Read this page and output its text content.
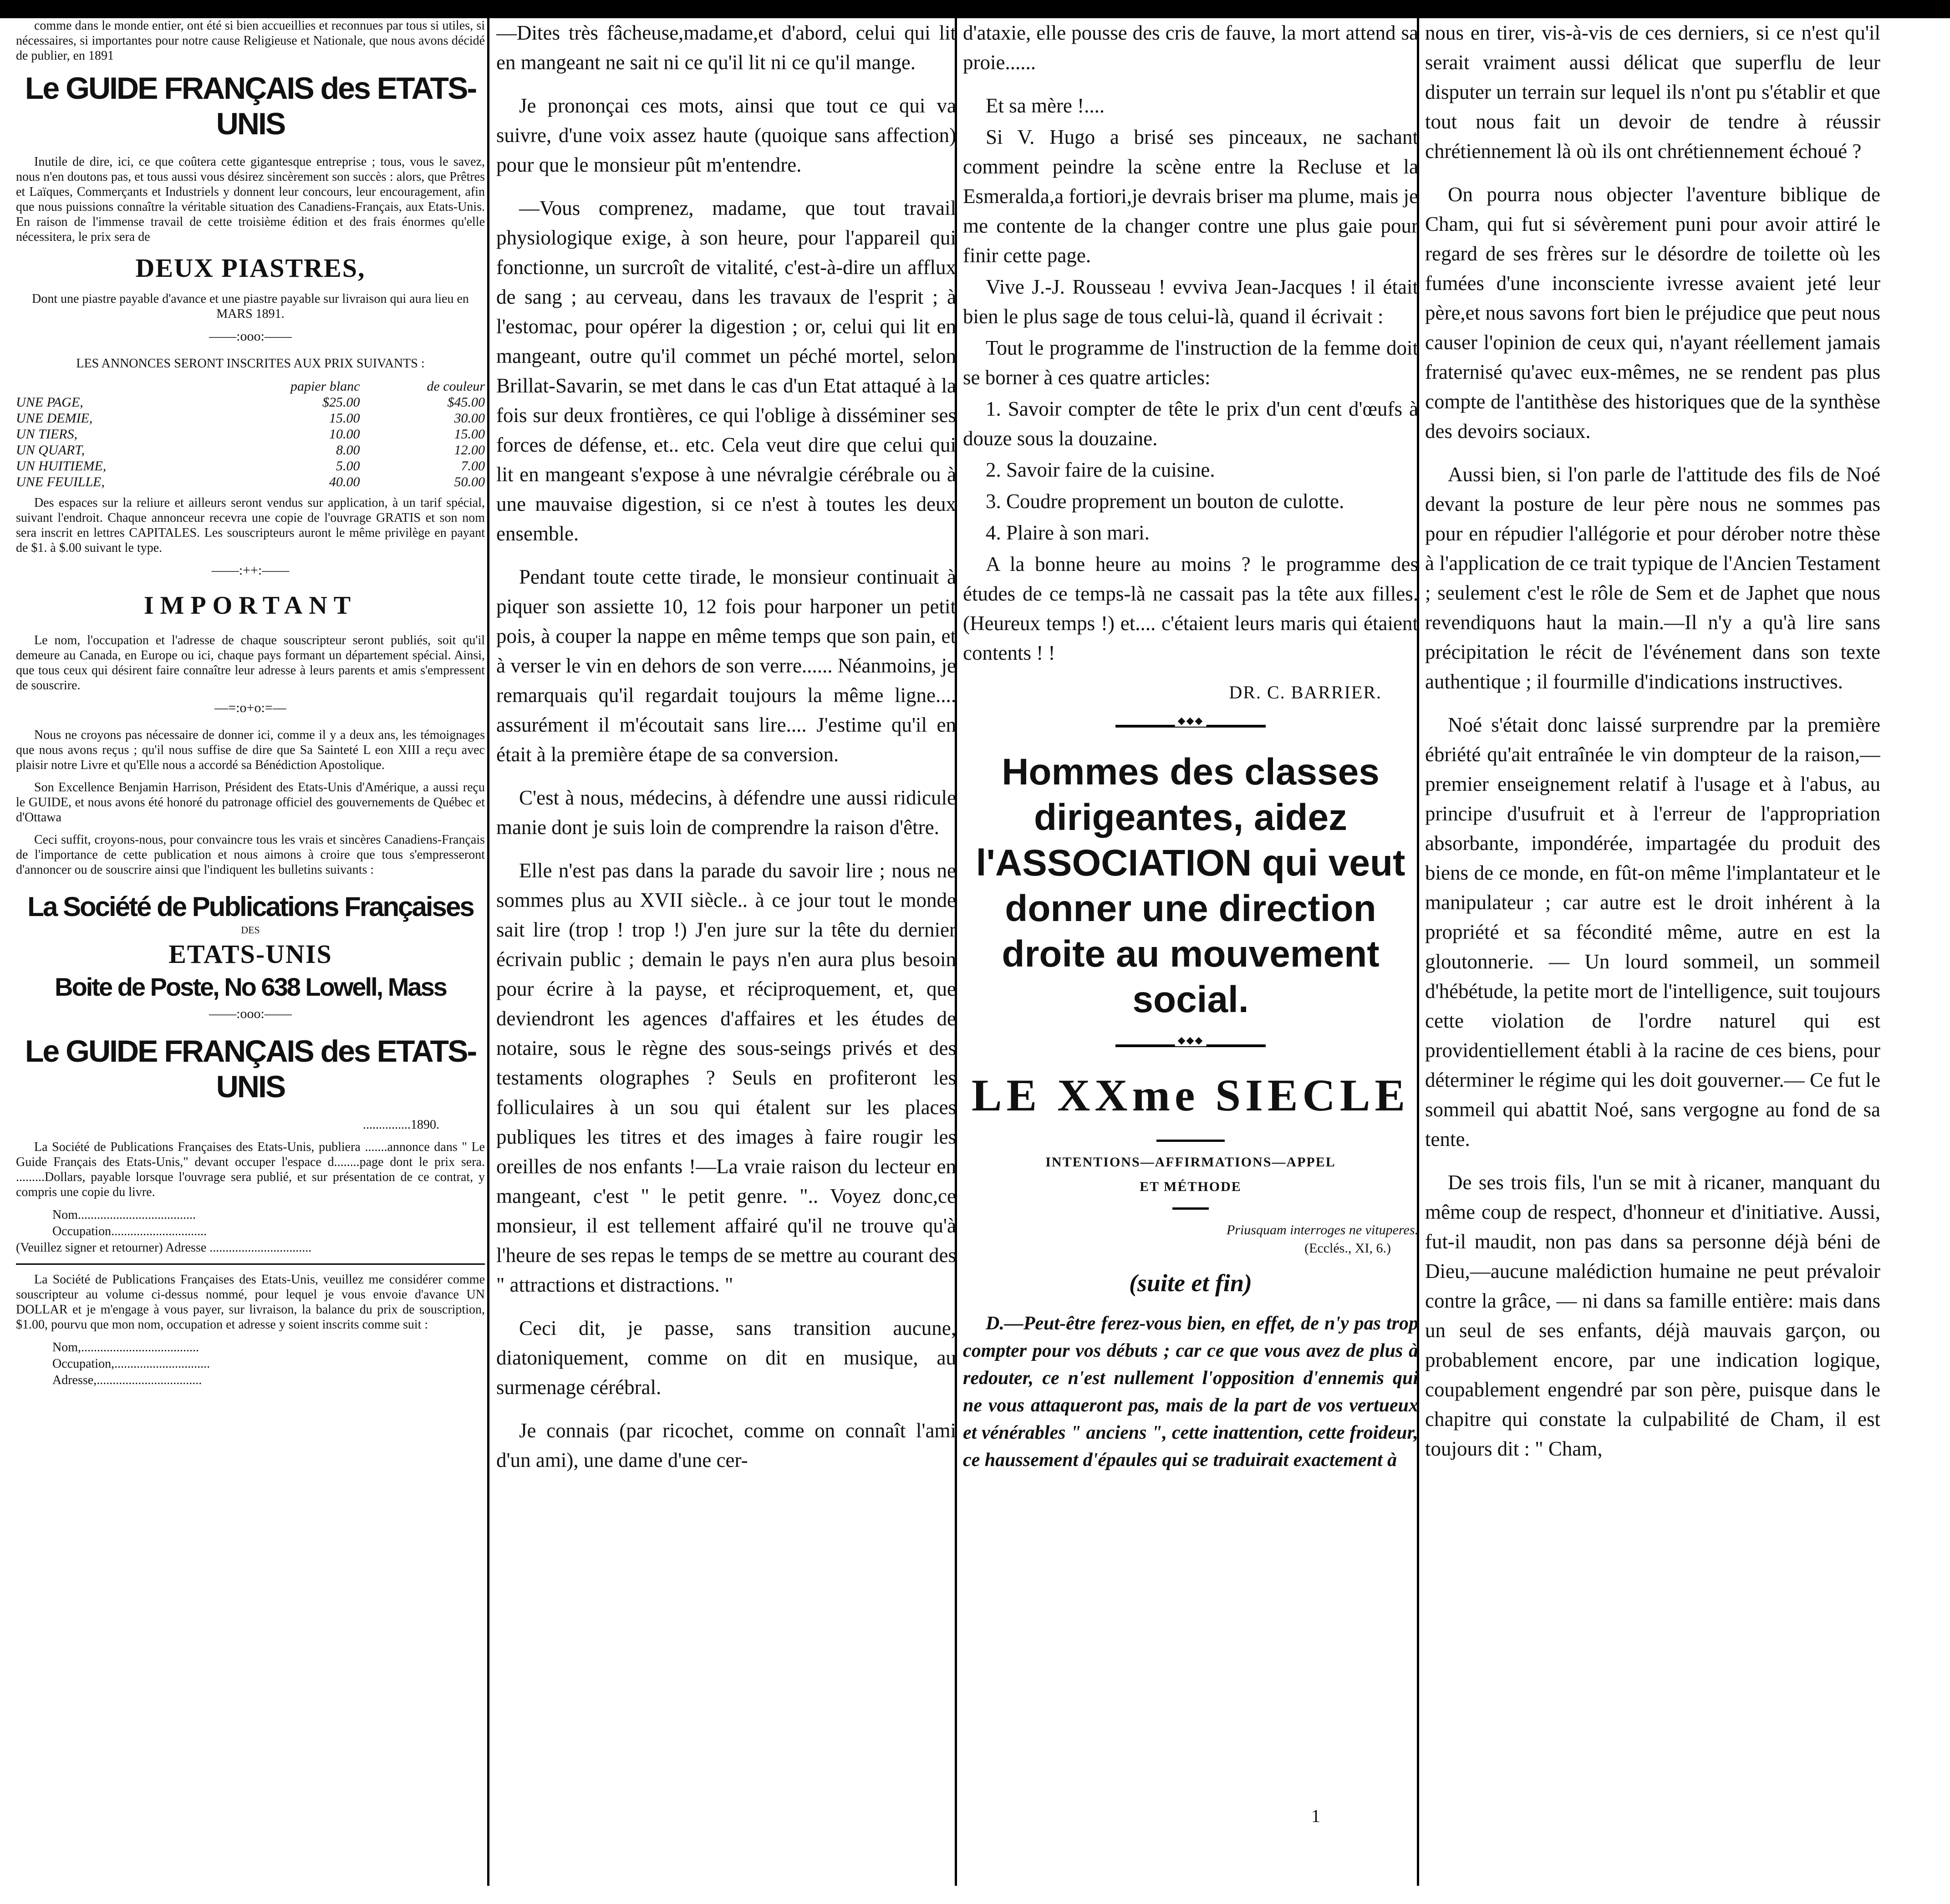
comme dans le monde entier, ont été si bien accueillies et reconnues par tous si utiles, si nécessaires, si importantes pour notre cause Religieuse et Nationale, que nous avons décidé de publier, en 1891

Le GUIDE FRANÇAIS des ETATS-UNIS

Inutile de dire, ici, ce que coûtera cette gigantesque entreprise ; tous, vous le savez, nous n'en doutons pas, et tous aussi vous désirez sincèrement son succès : alors, que Prêtres et Laïques, Commerçants et Industriels y donnent leur concours, leur encouragement, afin que nous puissions connaître la véritable situation des Canadiens-Français, aux Etats-Unis. En raison de l'immense travail de cette troisième édition et des frais énormes qu'elle nécessitera, le prix sera de

DEUX PIASTRES,

Dont une piastre payable d'avance et une piastre payable sur livraison qui aura lieu en MARS 1891.

——:ooo:——

LES ANNONCES SERONT INSCRITES AUX PRIX SUIVANTS :

	papier blanc	de couleur
UNE PAGE,	$25.00	$45.00
UNE DEMIE,	15.00	30.00
UN TIERS,	10.00	15.00
UN QUART,	8.00	12.00
UN HUITIEME,	5.00	7.00
UNE FEUILLE,	40.00	50.00

Des espaces sur la reliure et ailleurs seront vendus sur application, à un tarif spécial, suivant l'endroit. Chaque annonceur recevra une copie de l'ouvrage GRATIS et son nom sera inscrit en lettres CAPITALES. Les souscripteurs auront le même privilège en payant de $1. à $.00 suivant le type.

——:++:——
IMPORTANT

Le nom, l'occupation et l'adresse de chaque souscripteur seront publiés, soit qu'il demeure au Canada, en Europe ou ici, chaque pays formant un département spécial. Ainsi, que tous ceux qui désirent faire connaître leur adresse à leurs parents et amis s'empressent de souscrire.

—=:o+o:=—

Nous ne croyons pas nécessaire de donner ici, comme il y a deux ans, les témoignages que nous avons reçus ; qu'il nous suffise de dire que Sa Sainteté L eon XIII a reçu avec plaisir notre Livre et qu'Elle nous a accordé sa Bénédiction Apostolique.

Son Excellence Benjamin Harrison, Président des Etats-Unis d'Amérique, a aussi reçu le GUIDE, et nous avons été honoré du patronage officiel des gouvernements de Québec et d'Ottawa

Ceci suffit, croyons-nous, pour convaincre tous les vrais et sincères Canadiens-Français de l'importance de cette publication et nous aimons à croire que tous s'empresseront d'annoncer ou de souscrire ainsi que l'indiquent les bulletins suivants :

La Société de Publications Françaises
DES
ETATS-UNIS
Boite de Poste, No 638 Lowell, Mass
——:ooo:——
Le GUIDE FRANÇAIS des ETATS-UNIS
...............1890.

La Société de Publications Françaises des Etats-Unis, publiera .......annonce dans " Le Guide Français des Etats-Unis," devant occuper l'espace d........page dont le prix sera. .........Dollars, payable lorsque l'ouvrage sera publié, et sur présentation de ce contrat, y compris une copie du livre.

Nom.....................................
Occupation..............................
(Veuillez signer et retourner) Adresse ................................

La Société de Publications Françaises des Etats-Unis, veuillez me considérer comme souscripteur au volume ci-dessus nommé, pour lequel je vous envoie d'avance UN DOLLAR et je m'engage à vous payer, sur livraison, la balance du prix de souscription, $1.00, pourvu que mon nom, occupation et adresse y soient inscrits comme suit :

Nom,.....................................
Occupation,..............................
Adresse,.................................

—Dites très fâcheuse,madame,et d'abord, celui qui lit en mangeant ne sait ni ce qu'il lit ni ce qu'il mange.

Je prononçai ces mots, ainsi que tout ce qui va suivre, d'une voix assez haute (quoique sans affection) pour que le monsieur pût m'entendre.

—Vous comprenez, madame, que tout travail physiologique exige, à son heure, pour l'appareil qui fonctionne, un surcroît de vitalité, c'est-à-dire un afflux de sang ; au cerveau, dans les travaux de l'esprit ; à l'estomac, pour opérer la digestion ; or, celui qui lit en mangeant, outre qu'il commet un péché mortel, selon Brillat-Savarin, se met dans le cas d'un Etat attaqué à la fois sur deux frontières, ce qui l'oblige à disséminer ses forces de défense, et.. etc. Cela veut dire que celui qui lit en mangeant s'expose à une névralgie cérébrale ou à une mauvaise digestion, si ce n'est à toutes les deux ensemble.

Pendant toute cette tirade, le monsieur continuait à piquer son assiette 10, 12 fois pour harponer un petit pois, à couper la nappe en même temps que son pain, et à verser le vin en dehors de son verre...... Néanmoins, je remarquais qu'il regardait toujours la même ligne.... assurément il m'écoutait sans lire.... J'estime qu'il en était à la première étape de sa conversion.

C'est à nous, médecins, à défendre une aussi ridicule manie dont je suis loin de comprendre la raison d'être.

Elle n'est pas dans la parade du savoir lire ; nous ne sommes plus au XVII siècle.. à ce jour tout le monde sait lire (trop ! trop !) J'en jure sur la tête du dernier écrivain public ; demain le pays n'en aura plus besoin pour écrire à la payse, et réciproquement, et, que deviendront les agences d'affaires et les études de notaire, sous le règne des sous-seings privés et des testaments olographes ? Seuls en profiteront les folliculaires à un sou qui étalent sur les places publiques les titres et des images à faire rougir les oreilles de nos enfants !—La vraie raison du lecteur en mangeant, c'est " le petit genre. ".. Voyez donc,ce monsieur, il est tellement affairé qu'il ne trouve qu'à l'heure de ses repas le temps de se mettre au courant des " attractions et distractions. "

Ceci dit, je passe, sans transition aucune, diatoniquement, comme on dit en musique, au surmenage cérébral.

Je connais (par ricochet, comme on connaît l'ami d'un ami), une dame d'une cer-

d'ataxie, elle pousse des cris de fauve, la mort attend sa proie......

Et sa mère !....

Si V. Hugo a brisé ses pinceaux, ne sachant comment peindre la scène entre la Recluse et la Esmeralda,a fortiori,je devrais briser ma plume, mais je me contente de la changer contre une plus gaie pour finir cette page.

Vive J.-J. Rousseau ! evviva Jean-Jacques ! il était bien le plus sage de tous celui-là, quand il écrivait :

Tout le programme de l'instruction de la femme doit se borner à ces quatre articles:

1. Savoir compter de tête le prix d'un cent d'œufs à douze sous la douzaine.

2. Savoir faire de la cuisine.

3. Coudre proprement un bouton de culotte.

4. Plaire à son mari.

A la bonne heure au moins ? le programme des études de ce temps-là ne cassait pas la tête aux filles. (Heureux temps !) et.... c'étaient leurs maris qui étaient contents ! !

DR. C. BARRIER.
◆◆◆
Hommes des classes dirigeantes, aidez l'ASSOCIATION qui veut donner une direction droite au mouvement social.
◆◆◆
LE XXme SIECLE
INTENTIONS—AFFIRMATIONS—APPEL
ET MÉTHODE
Priusquam interroges ne vituperes.
(Ecclés., XI, 6.)
(suite et fin)

D.—Peut-être ferez-vous bien, en effet, de n'y pas trop compter pour vos débuts ; car ce que vous avez de plus à redouter, ce n'est nullement l'opposition d'ennemis qui ne vous attaqueront pas, mais de la part de vos vertueux et vénérables " anciens ", cette inattention, cette froideur, ce haussement d'épaules qui se traduirait exactement à

nous en tirer, vis-à-vis de ces derniers, si ce n'est qu'il serait vraiment aussi délicat que superflu de leur disputer un terrain sur lequel ils n'ont pu s'établir et que tout nous fait un devoir de tendre à réussir chrétiennement là où ils ont chrétiennement échoué ?

On pourra nous objecter l'aventure biblique de Cham, qui fut si sévèrement puni pour avoir attiré le regard de ses frères sur le désordre de toilette où les fumées d'une inconsciente ivresse avaient jeté leur père,et nous savons fort bien le préjudice que peut nous causer l'opinion de ceux qui, n'ayant réellement jamais fraternisé qu'avec eux-mêmes, ne se rendent pas plus compte de l'antithèse des historiques que de la synthèse des devoirs sociaux.

Aussi bien, si l'on parle de l'attitude des fils de Noé devant la posture de leur père nous ne sommes pas pour en répudier l'allégorie et pour dérober notre thèse à l'application de ce trait typique de l'Ancien Testament ; seulement c'est le rôle de Sem et de Japhet que nous revendiquons haut la main.—Il n'y a qu'à lire sans précipitation le récit de l'événement dans son texte authentique ; il fourmille d'indications instructives.

Noé s'était donc laissé surprendre par la première ébriété qu'ait entraînée le vin dompteur de la raison,—premier enseignement relatif à l'usage et à l'abus, au principe d'usufruit et à l'erreur de l'appropriation absorbante, impondérée, impartagée du produit des biens de ce monde, en fût-on même l'implantateur et le manipulateur ; car autre est le droit inhérent à la propriété et sa fécondité même, autre en est la gloutonnerie. — Un lourd sommeil, un sommeil d'hébétude, la petite mort de l'intelligence, suit toujours cette violation de l'ordre naturel qui est providentiellement établi à la racine de ces biens, pour déterminer le régime qui les doit gouverner.— Ce fut le sommeil qui abattit Noé, sans vergogne au fond de sa tente.

De ses trois fils, l'un se mit à ricaner, manquant du même coup de respect, d'honneur et d'initiative. Aussi, fut-il maudit, non pas dans sa personne déjà béni de Dieu,—aucune malédiction humaine ne peut prévaloir contre la grâce, — ni dans sa famille entière: mais dans un seul de ses enfants, déjà mauvais garçon, ou probablement encore, par une indication logique, coupablement engendré par son père, puisque dans le chapitre qui constate la culpabilité de Cham, il est toujours dit : " Cham,

1
